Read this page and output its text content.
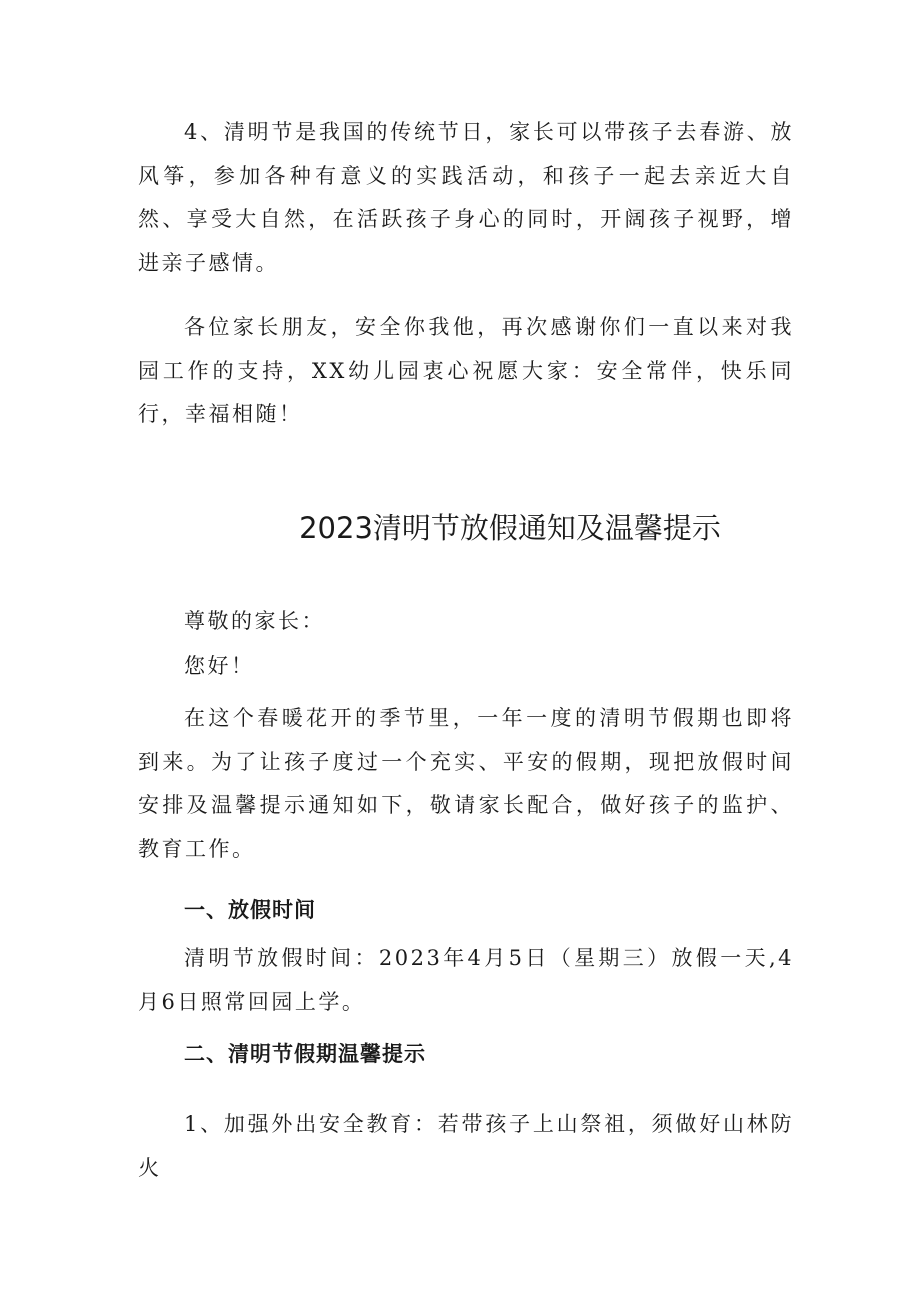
4、清明节是我国的传统节日，家长可以带孩子去春游、放风筝，参加各种有意义的实践活动，和孩子一起去亲近大自然、享受大自然，在活跃孩子身心的同时，开阔孩子视野，增进亲子感情。

各位家长朋友，安全你我他，再次感谢你们一直以来对我园工作的支持，XX幼儿园衷心祝愿大家：安全常伴，快乐同行，幸福相随！

2023清明节放假通知及温馨提示

尊敬的家长：

您好！

在这个春暖花开的季节里，一年一度的清明节假期也即将到来。为了让孩子度过一个充实、平安的假期，现把放假时间安排及温馨提示通知如下，敬请家长配合，做好孩子的监护、教育工作。

一、放假时间

清明节放假时间：2023年4月5日（星期三）放假一天,4月6日照常回园上学。

二、清明节假期温馨提示

1、加强外出安全教育：若带孩子上山祭祖，须做好山林防火
